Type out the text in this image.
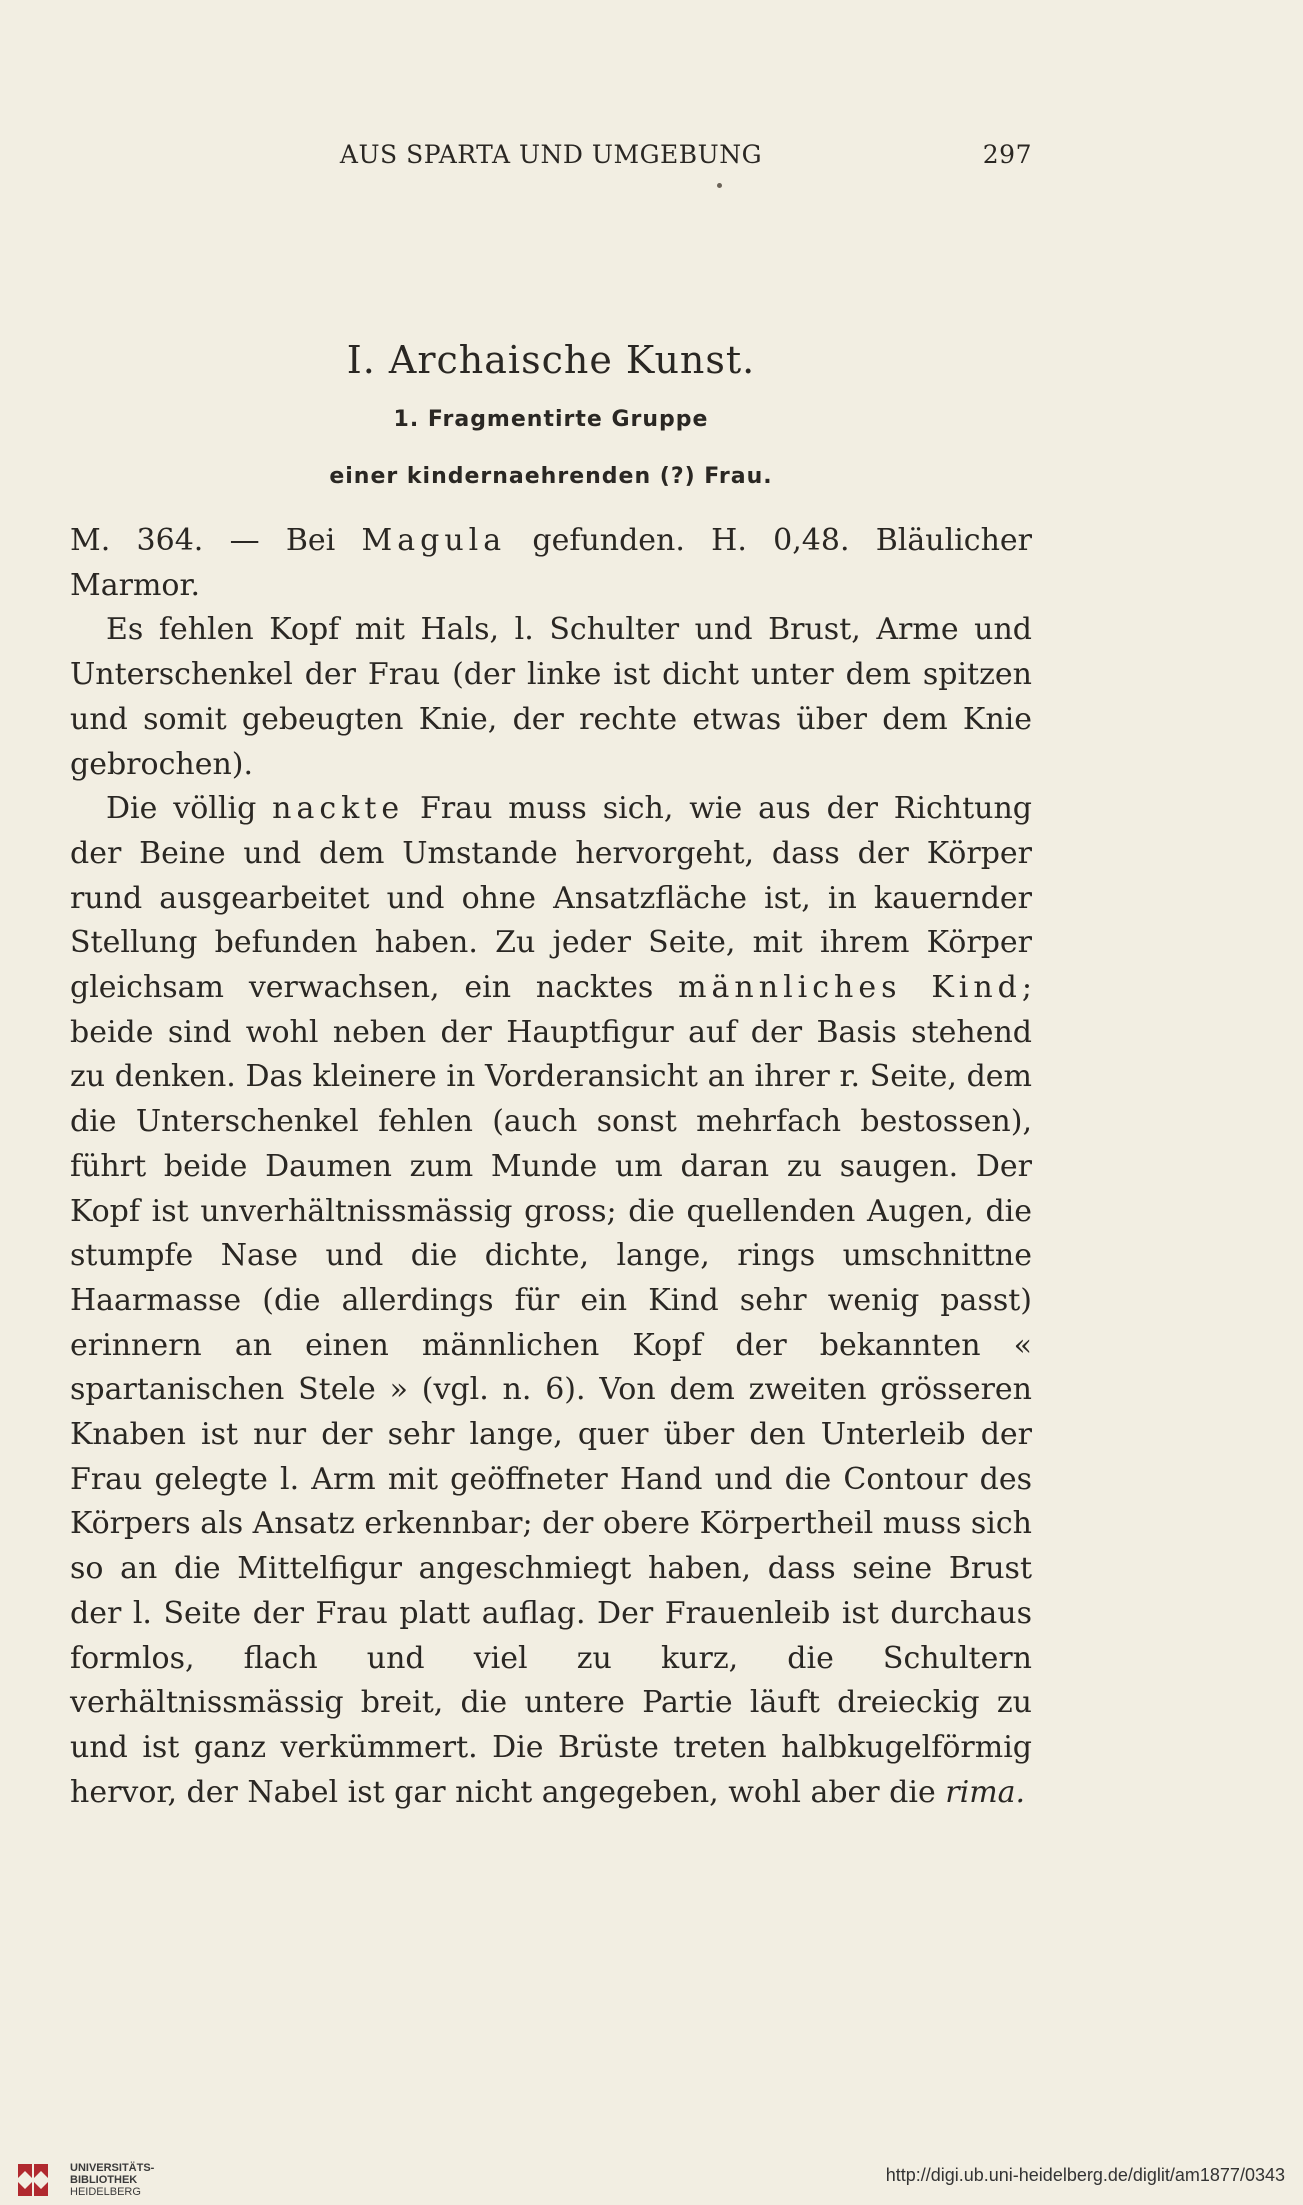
AUS SPARTA UND UMGEBUNG	297
I. Archaische Kunst.
1. Fragmentirte Gruppe
einer kindernaehrenden (?) Frau.

M. 364. — Bei Magula gefunden. H. 0,48. Bläulicher Marmor.

Es fehlen Kopf mit Hals, l. Schulter und Brust, Arme und Unterschenkel der Frau (der linke ist dicht unter dem spitzen und somit gebeugten Knie, der rechte etwas über dem Knie gebrochen).

Die völlig nackte Frau muss sich, wie aus der Richtung der Beine und dem Umstande hervorgeht, dass der Körper rund ausgearbeitet und ohne Ansatzfläche ist, in kauernder Stellung befunden haben. Zu jeder Seite, mit ihrem Körper gleichsam verwachsen, ein nacktes männliches Kind; beide sind wohl neben der Hauptfigur auf der Basis stehend zu denken. Das kleinere in Vorderansicht an ihrer r. Seite, dem die Unterschenkel fehlen (auch sonst mehrfach bestossen), führt beide Daumen zum Munde um daran zu saugen. Der Kopf ist unverhältnissmässig gross; die quellenden Augen, die stumpfe Nase und die dichte, lange, rings umschnittne Haarmasse (die allerdings für ein Kind sehr wenig passt) erinnern an einen männlichen Kopf der bekannten « spartanischen Stele » (vgl. n. 6). Von dem zweiten grösseren Knaben ist nur der sehr lange, quer über den Unterleib der Frau gelegte l. Arm mit geöffneter Hand und die Contour des Körpers als Ansatz erkennbar; der obere Körpertheil muss sich so an die Mittelfigur angeschmiegt haben, dass seine Brust der l. Seite der Frau platt auflag. Der Frauenleib ist durchaus formlos, flach und viel zu kurz, die Schultern verhältnissmässig breit, die untere Partie läuft dreieckig zu und ist ganz verkümmert. Die Brüste treten halbkugelförmig hervor, der Nabel ist gar nicht angegeben, wohl aber die rima.

UNIVERSITÄTS-
BIBLIOTHEK
HEIDELBERG
http://digi.ub.uni-heidelberg.de/diglit/am1877/0343
